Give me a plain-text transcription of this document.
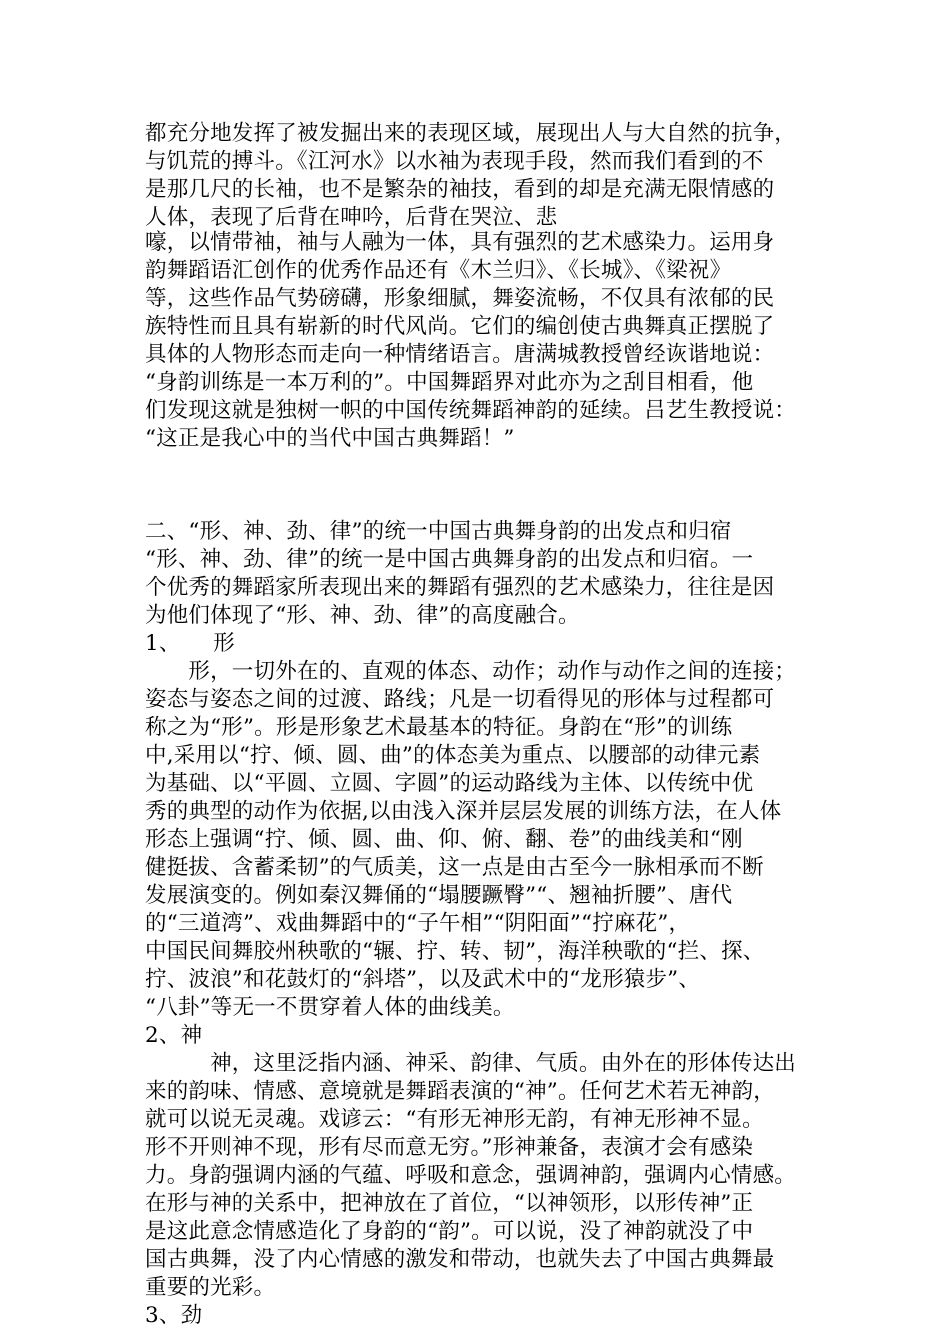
都充分地发挥了被发掘出来的表现区域，展现出人与大自然的抗争，
与饥荒的搏斗。《江河水》以水袖为表现手段，然而我们看到的不
是那几尺的长袖，也不是繁杂的袖技，看到的却是充满无限情感的
人体，表现了后背在呻吟，后背在哭泣、悲
嚎，以情带袖，袖与人融为一体，具有强烈的艺术感染力。运用身
韵舞蹈语汇创作的优秀作品还有《木兰归》、《长城》、《梁祝》
等，这些作品气势磅礴，形象细腻，舞姿流畅，不仅具有浓郁的民
族特性而且具有崭新的时代风尚。它们的编创使古典舞真正摆脱了
具体的人物形态而走向一种情绪语言。唐满城教授曾经诙谐地说：
“身韵训练是一本万利的”。中国舞蹈界对此亦为之刮目相看，他
们发现这就是独树一帜的中国传统舞蹈神韵的延续。吕艺生教授说：
“这正是我心中的当代中国古典舞蹈！”
二、“形、神、劲、律”的统一中国古典舞身韵的出发点和归宿
“形、神、劲、律”的统一是中国古典舞身韵的出发点和归宿。一
个优秀的舞蹈家所表现出来的舞蹈有强烈的艺术感染力，往往是因
为他们体现了“形、神、劲、律”的高度融合。
1、　　形
　　形，一切外在的、直观的体态、动作；动作与动作之间的连接；
姿态与姿态之间的过渡、路线；凡是一切看得见的形体与过程都可
称之为“形”。形是形象艺术最基本的特征。身韵在“形”的训练
中,采用以“拧、倾、圆、曲”的体态美为重点、以腰部的动律元素
为基础、以“平圆、立圆、字圆”的运动路线为主体、以传统中优
秀的典型的动作为依据,以由浅入深并层层发展的训练方法，在人体
形态上强调“拧、倾、圆、曲、仰、俯、翻、卷”的曲线美和“刚
健挺拔、含蓄柔韧”的气质美，这一点是由古至今一脉相承而不断
发展演变的。例如秦汉舞俑的“塌腰蹶臀”“、翘袖折腰”、唐代
的“三道湾”、戏曲舞蹈中的“子午相”“阴阳面”“拧麻花”，
中国民间舞胶州秧歌的“辗、拧、转、韧”，海洋秧歌的“拦、探、
拧、波浪”和花鼓灯的“斜塔”，以及武术中的“龙形猿步”、
“八卦”等无一不贯穿着人体的曲线美。
2、神
　　　神，这里泛指内涵、神采、韵律、气质。由外在的形体传达出
来的韵味、情感、意境就是舞蹈表演的“神”。任何艺术若无神韵，
就可以说无灵魂。戏谚云：“有形无神形无韵，有神无形神不显。
形不开则神不现，形有尽而意无穷。”形神兼备，表演才会有感染
力。身韵强调内涵的气蕴、呼吸和意念，强调神韵，强调内心情感。
在形与神的关系中，把神放在了首位，“以神领形，以形传神”正
是这此意念情感造化了身韵的“韵”。可以说，没了神韵就没了中
国古典舞，没了内心情感的激发和带动，也就失去了中国古典舞最
重要的光彩。
3、劲
